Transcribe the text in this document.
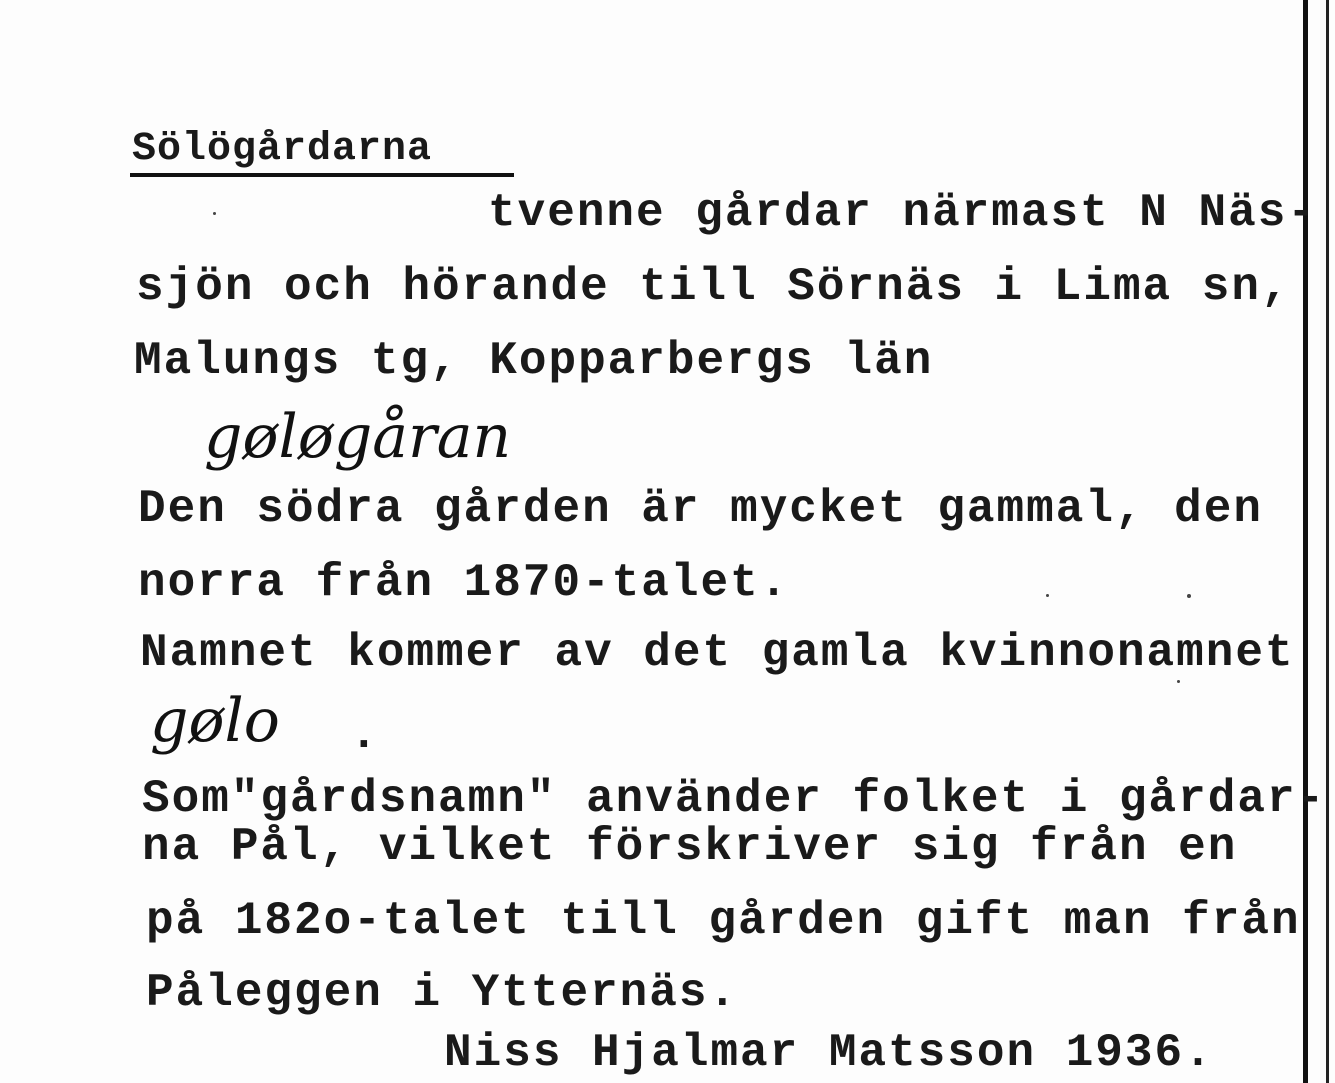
Sölögårdarna
tvenne gårdar närmast N Näs-
sjön och hörande till Sörnäs i Lima sn,
Malungs tg, Kopparbergs län
gøløgåran
Den södra gården är mycket gammal, den
norra från 1870-talet.
Namnet kommer av det gamla kvinnonamnet
gølo .
Som"gårdsnamn" använder folket i gårdar-
na Pål, vilket förskriver sig från en
på 182o-talet till gården gift man från
Påleggen i Ytternäs.
Niss Hjalmar Matsson 1936.
